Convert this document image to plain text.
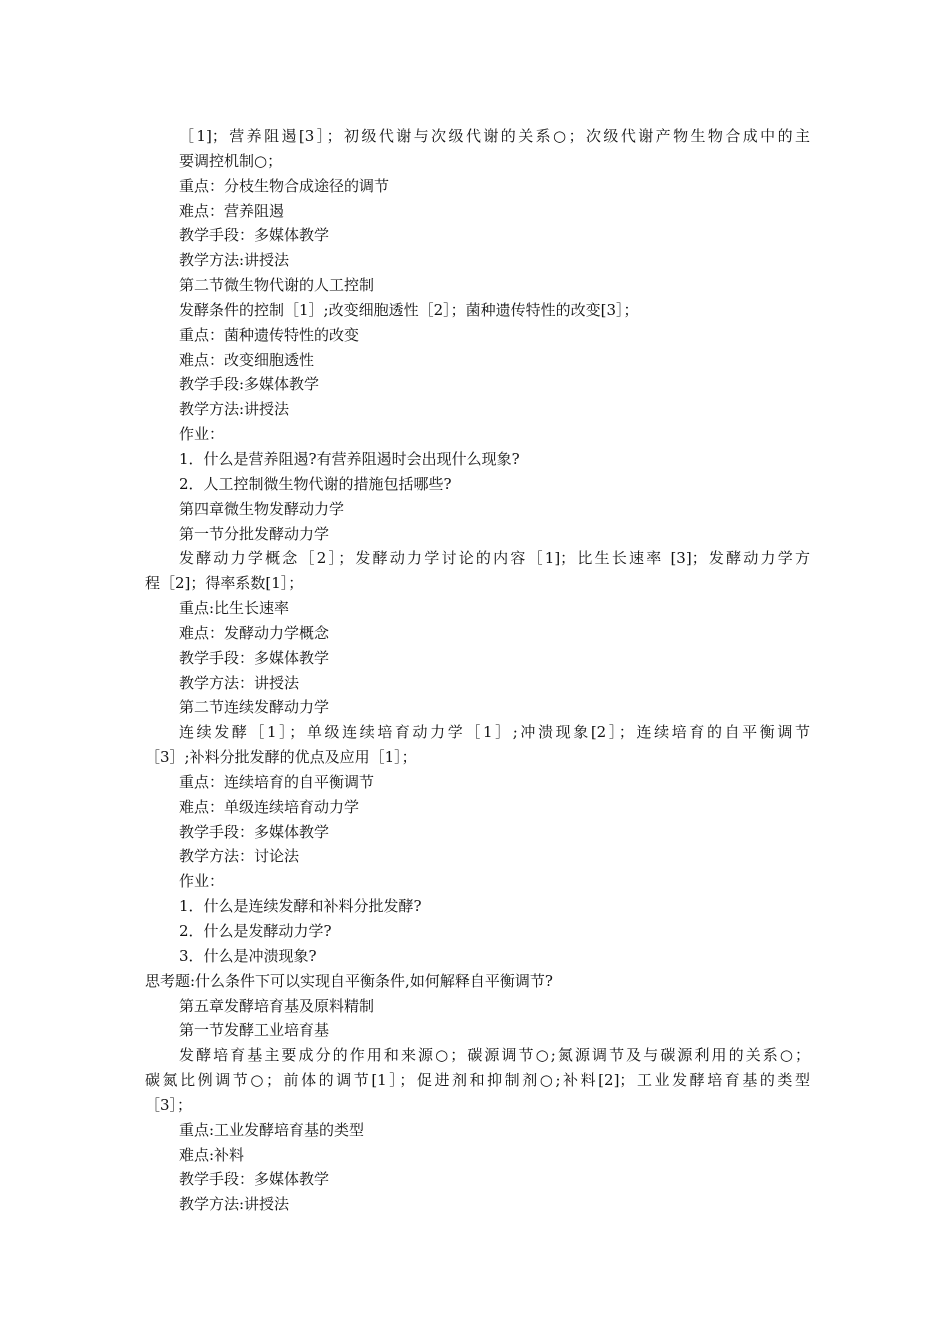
［1]；营养阻遏[3］；初级代谢与次级代谢的关系○；次级代谢产物生物合成中的主
要调控机制○；
重点：分枝生物合成途径的调节
难点：营养阻遏
教学手段：多媒体教学
教学方法:讲授法
第二节微生物代谢的人工控制
发酵条件的控制［1］;改变细胞透性［2］；菌种遗传特性的改变[3］；
重点：菌种遗传特性的改变
难点：改变细胞透性
教学手段:多媒体教学
教学方法:讲授法
作业：
1．什么是营养阻遏?有营养阻遏时会出现什么现象?
2．人工控制微生物代谢的措施包括哪些?
第四章微生物发酵动力学
第一节分批发酵动力学
发酵动力学概念［2］；发酵动力学讨论的内容［1]；比生长速率 [3]；发酵动力学方
程［2]；得率系数[1］；
重点:比生长速率
难点：发酵动力学概念
教学手段：多媒体教学
教学方法：讲授法
第二节连续发酵动力学
连续发酵［1］；单级连续培育动力学［1］;冲溃现象[2］；连续培育的自平衡调节
［3］;补料分批发酵的优点及应用［1］；
重点：连续培育的自平衡调节
难点：单级连续培育动力学
教学手段：多媒体教学
教学方法：讨论法
作业：
1．什么是连续发酵和补料分批发酵?
2．什么是发酵动力学?
3．什么是冲溃现象?
思考题:什么条件下可以实现自平衡条件,如何解释自平衡调节?
第五章发酵培育基及原料精制
第一节发酵工业培育基
发酵培育基主要成分的作用和来源○；碳源调节○;氮源调节及与碳源利用的关系○；
碳氮比例调节○；前体的调节[1］；促进剂和抑制剂○;补料[2]；工业发酵培育基的类型
［3］；
重点:工业发酵培育基的类型
难点:补料
教学手段：多媒体教学
教学方法:讲授法
